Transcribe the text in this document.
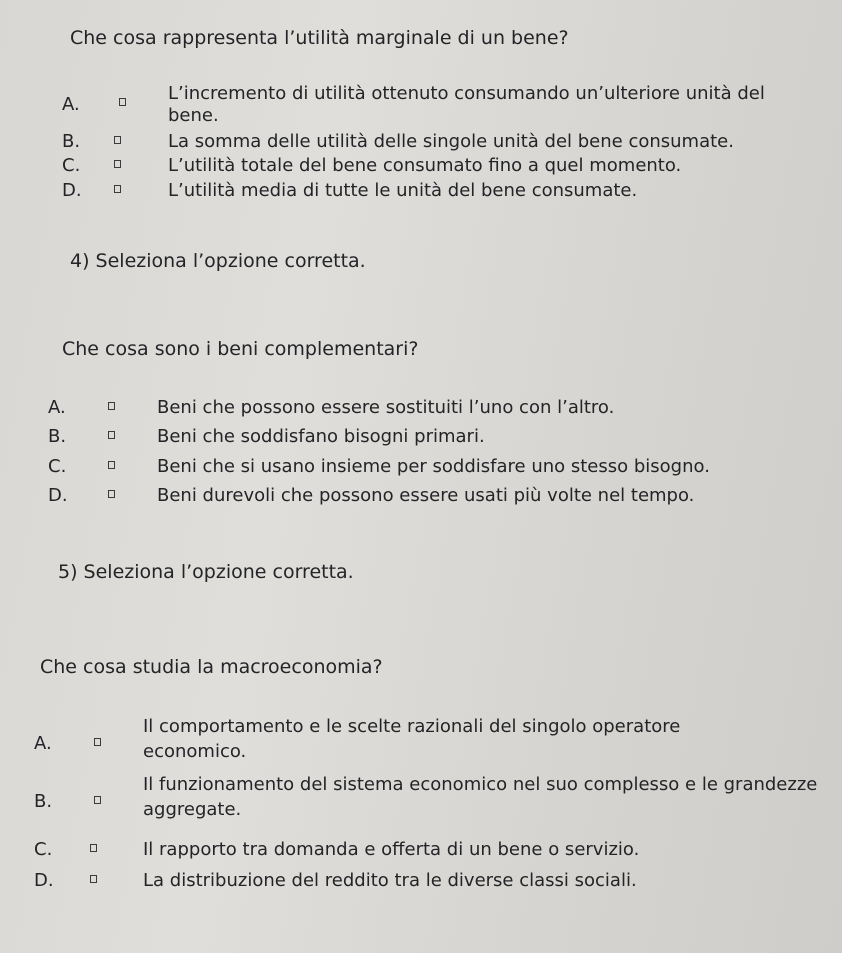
Che cosa rappresenta l’utilità marginale di un bene?
A.
L’incremento di utilità ottenuto consumando un’ulteriore unità del bene.
B.	La somma delle utilità delle singole unità del bene consumate.
C.	L’utilità totale del bene consumato fino a quel momento.
D.	L’utilità media di tutte le unità del bene consumate.
4) Seleziona l’opzione corretta.
Che cosa sono i beni complementari?
A.	Beni che possono essere sostituiti l’uno con l’altro.
B.	Beni che soddisfano bisogni primari.
C.	Beni che si usano insieme per soddisfare uno stesso bisogno.
D.	Beni durevoli che possono essere usati più volte nel tempo.
5) Seleziona l’opzione corretta.
Che cosa studia la macroeconomia?
A.
Il comportamento e le scelte razionali del singolo operatore economico.
B.
Il funzionamento del sistema economico nel suo complesso e le grandezze aggregate.
C.	Il rapporto tra domanda e offerta di un bene o servizio.
D.	La distribuzione del reddito tra le diverse classi sociali.
